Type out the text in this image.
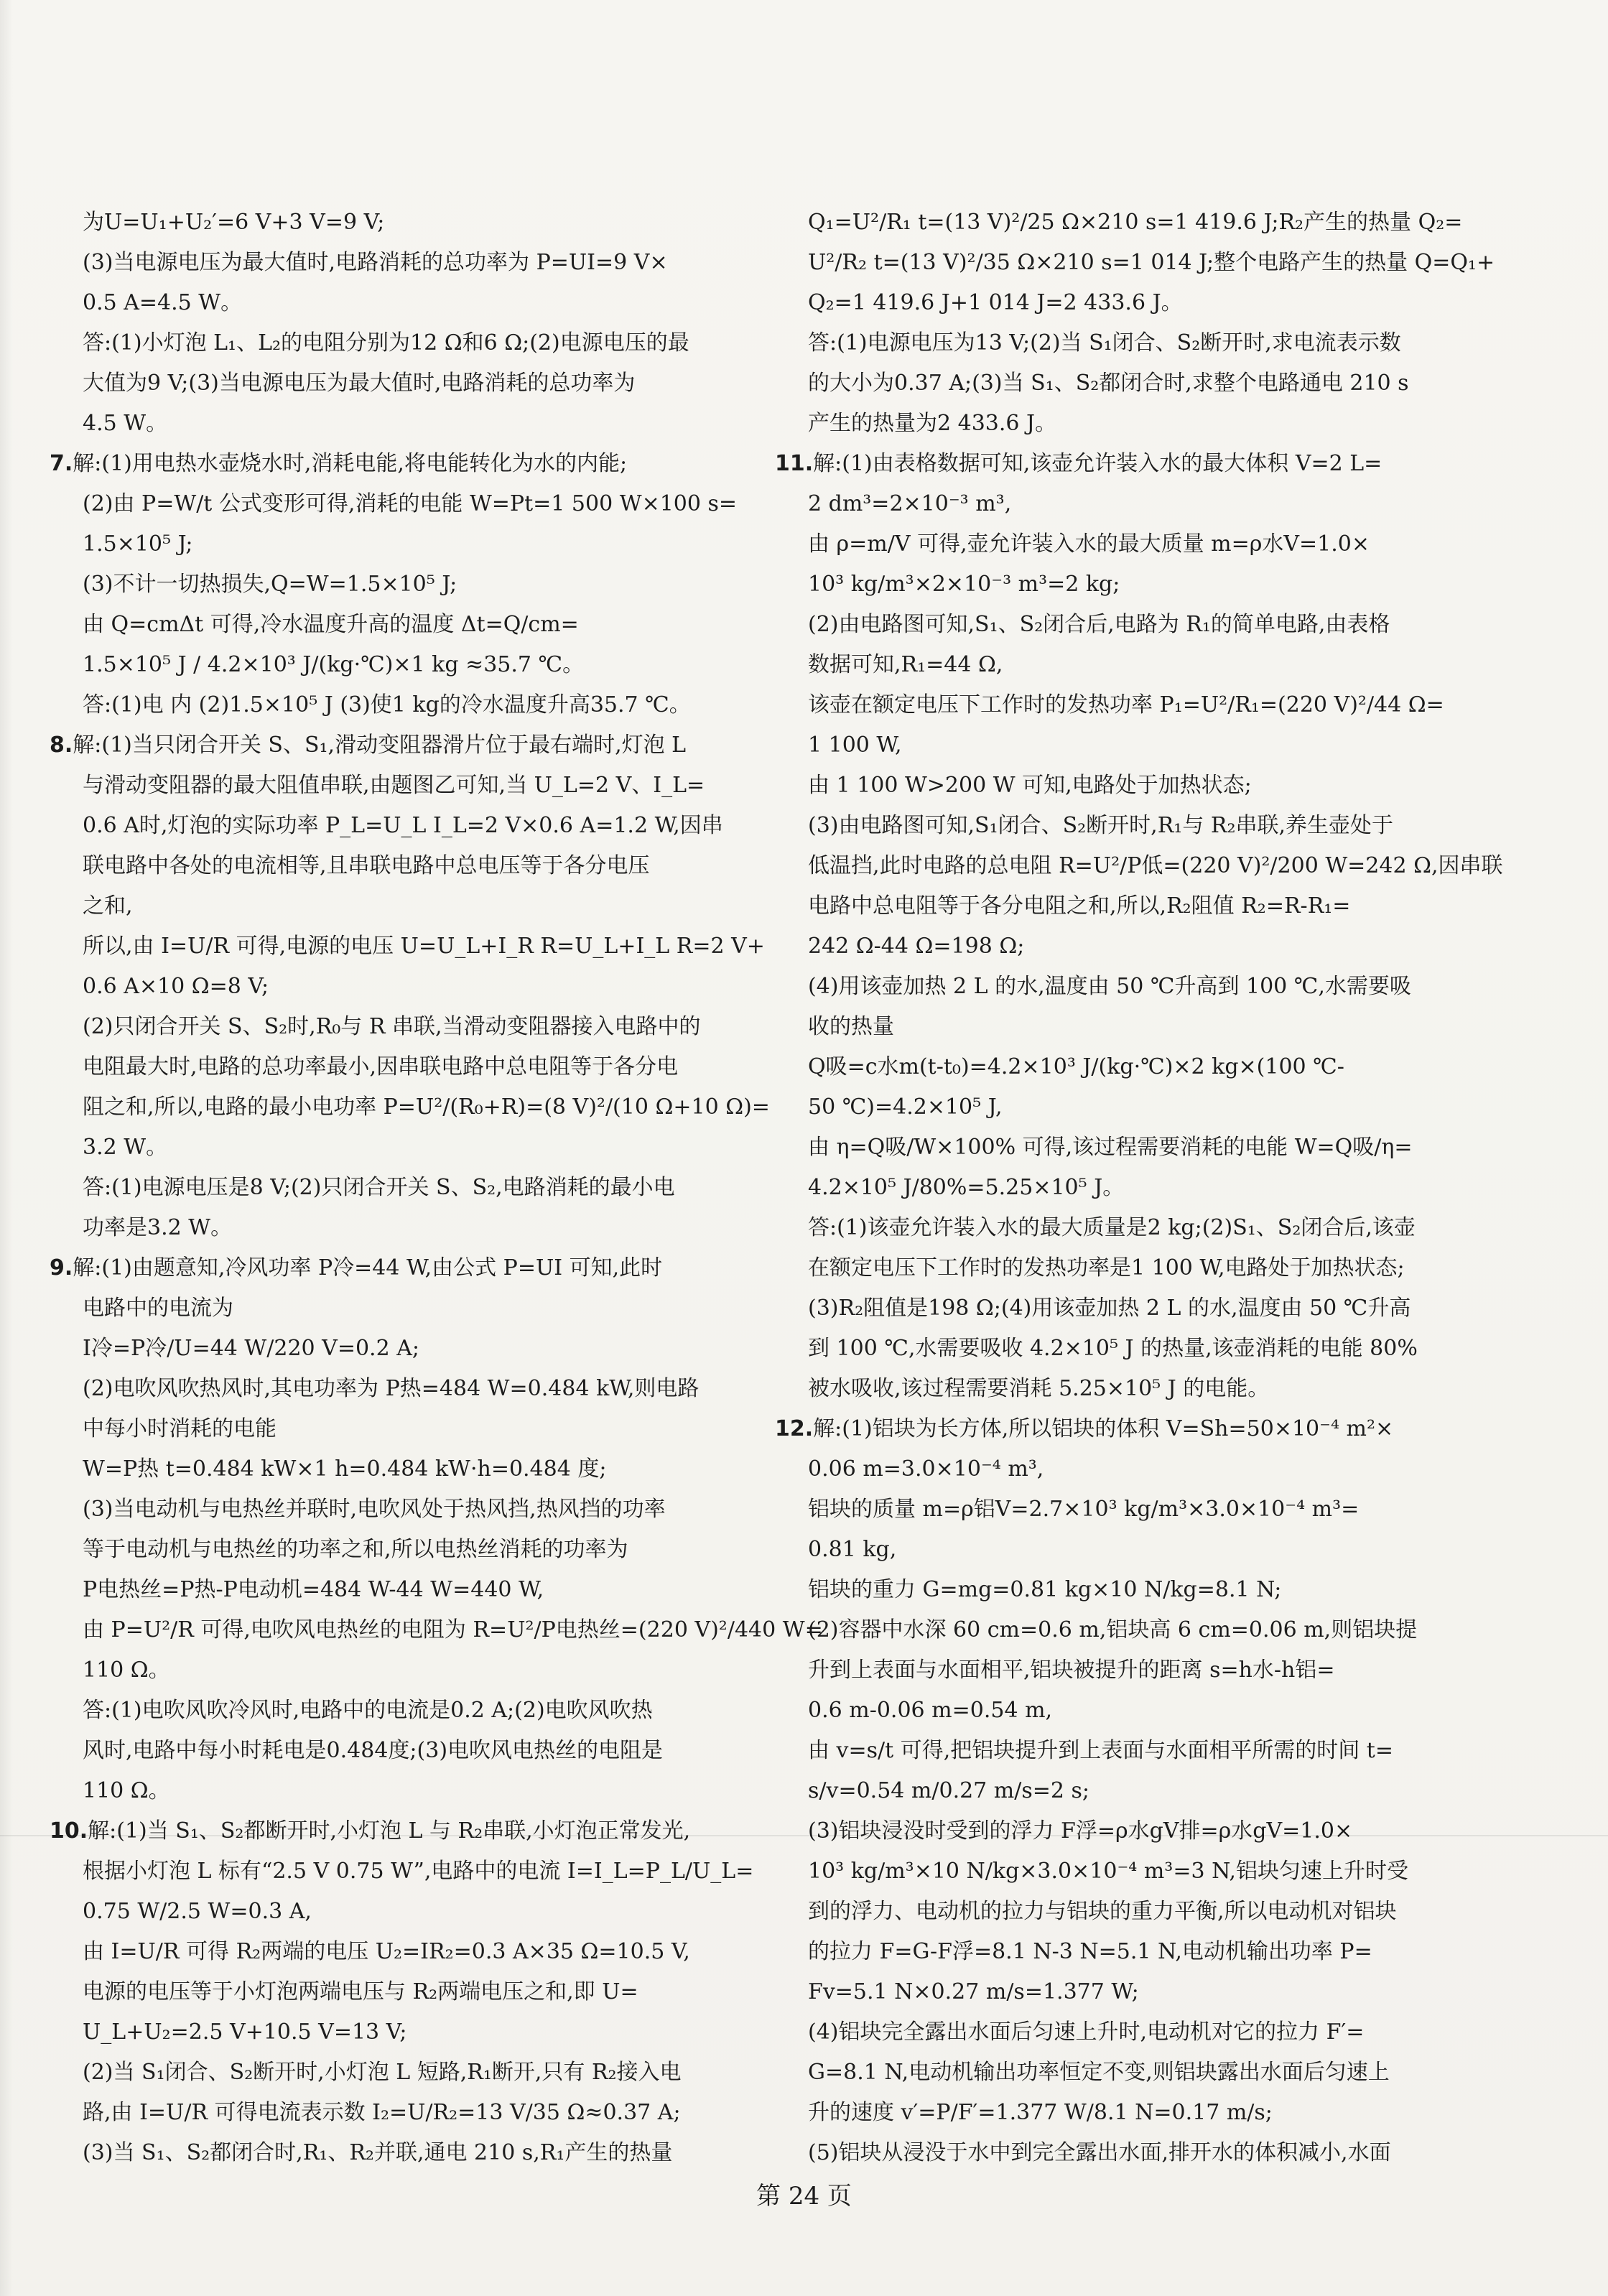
为U=U₁+U₂′=6 V+3 V=9 V;
(3)当电源电压为最大值时,电路消耗的总功率为 P=UI=9 V×
0.5 A=4.5 W。
答:(1)小灯泡 L₁、L₂的电阻分别为12 Ω和6 Ω;(2)电源电压的最
大值为9 V;(3)当电源电压为最大值时,电路消耗的总功率为
4.5 W。
7.解:(1)用电热水壶烧水时,消耗电能,将电能转化为水的内能;
(2)由 P=W/t 公式变形可得,消耗的电能 W=Pt=1 500 W×100 s=
1.5×10⁵ J;
(3)不计一切热损失,Q=W=1.5×10⁵ J;
由 Q=cmΔt 可得,冷水温度升高的温度 Δt=Q/cm=
1.5×10⁵ J / 4.2×10³ J/(kg·℃)×1 kg ≈35.7 ℃。
答:(1)电 内 (2)1.5×10⁵ J (3)使1 kg的冷水温度升高35.7 ℃。
8.解:(1)当只闭合开关 S、S₁,滑动变阻器滑片位于最右端时,灯泡 L
与滑动变阻器的最大阻值串联,由题图乙可知,当 U_L=2 V、I_L=
0.6 A时,灯泡的实际功率 P_L=U_L I_L=2 V×0.6 A=1.2 W,因串
联电路中各处的电流相等,且串联电路中总电压等于各分电压
之和,
所以,由 I=U/R 可得,电源的电压 U=U_L+I_R R=U_L+I_L R=2 V+
0.6 A×10 Ω=8 V;
(2)只闭合开关 S、S₂时,R₀与 R 串联,当滑动变阻器接入电路中的
电阻最大时,电路的总功率最小,因串联电路中总电阻等于各分电
阻之和,所以,电路的最小电功率 P=U²/(R₀+R)=(8 V)²/(10 Ω+10 Ω)=
3.2 W。
答:(1)电源电压是8 V;(2)只闭合开关 S、S₂,电路消耗的最小电
功率是3.2 W。
9.解:(1)由题意知,冷风功率 P冷=44 W,由公式 P=UI 可知,此时
电路中的电流为
I冷=P冷/U=44 W/220 V=0.2 A;
(2)电吹风吹热风时,其电功率为 P热=484 W=0.484 kW,则电路
中每小时消耗的电能
W=P热 t=0.484 kW×1 h=0.484 kW·h=0.484 度;
(3)当电动机与电热丝并联时,电吹风处于热风挡,热风挡的功率
等于电动机与电热丝的功率之和,所以电热丝消耗的功率为
P电热丝=P热-P电动机=484 W-44 W=440 W,
由 P=U²/R 可得,电吹风电热丝的电阻为 R=U²/P电热丝=(220 V)²/440 W=
110 Ω。
答:(1)电吹风吹冷风时,电路中的电流是0.2 A;(2)电吹风吹热
风时,电路中每小时耗电是0.484度;(3)电吹风电热丝的电阻是
110 Ω。
10.解:(1)当 S₁、S₂都断开时,小灯泡 L 与 R₂串联,小灯泡正常发光,
根据小灯泡 L 标有“2.5 V 0.75 W”,电路中的电流 I=I_L=P_L/U_L=
0.75 W/2.5 W=0.3 A,
由 I=U/R 可得 R₂两端的电压 U₂=IR₂=0.3 A×35 Ω=10.5 V,
电源的电压等于小灯泡两端电压与 R₂两端电压之和,即 U=
U_L+U₂=2.5 V+10.5 V=13 V;
(2)当 S₁闭合、S₂断开时,小灯泡 L 短路,R₁断开,只有 R₂接入电
路,由 I=U/R 可得电流表示数 I₂=U/R₂=13 V/35 Ω≈0.37 A;
(3)当 S₁、S₂都闭合时,R₁、R₂并联,通电 210 s,R₁产生的热量
Q₁=U²/R₁ t=(13 V)²/25 Ω×210 s=1 419.6 J;R₂产生的热量 Q₂=
U²/R₂ t=(13 V)²/35 Ω×210 s=1 014 J;整个电路产生的热量 Q=Q₁+
Q₂=1 419.6 J+1 014 J=2 433.6 J。
答:(1)电源电压为13 V;(2)当 S₁闭合、S₂断开时,求电流表示数
的大小为0.37 A;(3)当 S₁、S₂都闭合时,求整个电路通电 210 s
产生的热量为2 433.6 J。
11.解:(1)由表格数据可知,该壶允许装入水的最大体积 V=2 L=
2 dm³=2×10⁻³ m³,
由 ρ=m/V 可得,壶允许装入水的最大质量 m=ρ水V=1.0×
10³ kg/m³×2×10⁻³ m³=2 kg;
(2)由电路图可知,S₁、S₂闭合后,电路为 R₁的简单电路,由表格
数据可知,R₁=44 Ω,
该壶在额定电压下工作时的发热功率 P₁=U²/R₁=(220 V)²/44 Ω=
1 100 W,
由 1 100 W>200 W 可知,电路处于加热状态;
(3)由电路图可知,S₁闭合、S₂断开时,R₁与 R₂串联,养生壶处于
低温挡,此时电路的总电阻 R=U²/P低=(220 V)²/200 W=242 Ω,因串联
电路中总电阻等于各分电阻之和,所以,R₂阻值 R₂=R-R₁=
242 Ω-44 Ω=198 Ω;
(4)用该壶加热 2 L 的水,温度由 50 ℃升高到 100 ℃,水需要吸
收的热量
Q吸=c水m(t-t₀)=4.2×10³ J/(kg·℃)×2 kg×(100 ℃-
50 ℃)=4.2×10⁵ J,
由 η=Q吸/W×100% 可得,该过程需要消耗的电能 W=Q吸/η=
4.2×10⁵ J/80%=5.25×10⁵ J。
答:(1)该壶允许装入水的最大质量是2 kg;(2)S₁、S₂闭合后,该壶
在额定电压下工作时的发热功率是1 100 W,电路处于加热状态;
(3)R₂阻值是198 Ω;(4)用该壶加热 2 L 的水,温度由 50 ℃升高
到 100 ℃,水需要吸收 4.2×10⁵ J 的热量,该壶消耗的电能 80%
被水吸收,该过程需要消耗 5.25×10⁵ J 的电能。
12.解:(1)铝块为长方体,所以铝块的体积 V=Sh=50×10⁻⁴ m²×
0.06 m=3.0×10⁻⁴ m³,
铝块的质量 m=ρ铝V=2.7×10³ kg/m³×3.0×10⁻⁴ m³=
0.81 kg,
铝块的重力 G=mg=0.81 kg×10 N/kg=8.1 N;
(2)容器中水深 60 cm=0.6 m,铝块高 6 cm=0.06 m,则铝块提
升到上表面与水面相平,铝块被提升的距离 s=h水-h铝=
0.6 m-0.06 m=0.54 m,
由 v=s/t 可得,把铝块提升到上表面与水面相平所需的时间 t=
s/v=0.54 m/0.27 m/s=2 s;
(3)铝块浸没时受到的浮力 F浮=ρ水gV排=ρ水gV=1.0×
10³ kg/m³×10 N/kg×3.0×10⁻⁴ m³=3 N,铝块匀速上升时受
到的浮力、电动机的拉力与铝块的重力平衡,所以电动机对铝块
的拉力 F=G-F浮=8.1 N-3 N=5.1 N,电动机输出功率 P=
Fv=5.1 N×0.27 m/s=1.377 W;
(4)铝块完全露出水面后匀速上升时,电动机对它的拉力 F′=
G=8.1 N,电动机输出功率恒定不变,则铝块露出水面后匀速上
升的速度 v′=P/F′=1.377 W/8.1 N=0.17 m/s;
(5)铝块从浸没于水中到完全露出水面,排开水的体积减小,水面
第 24 页
